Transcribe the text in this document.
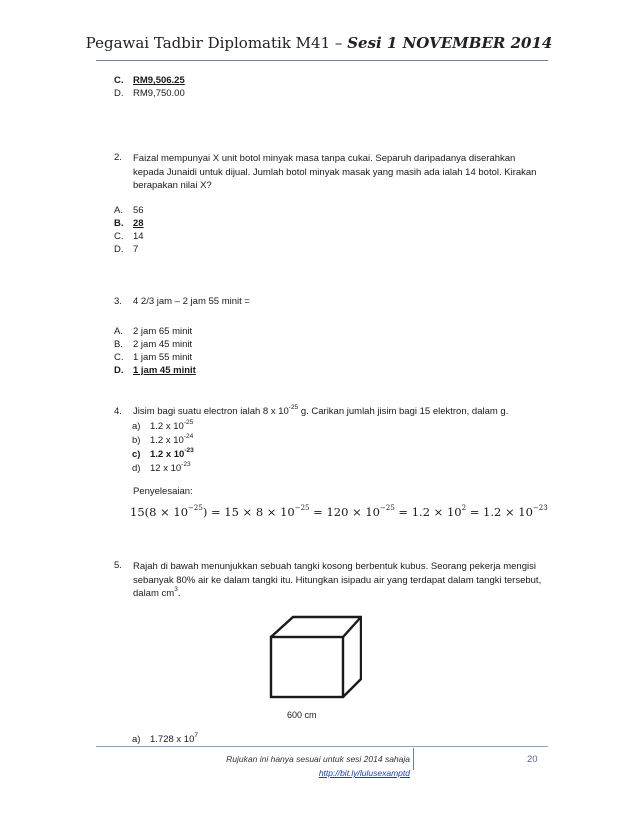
Pegawai Tadbir Diplomatik M41 – Sesi 1 NOVEMBER 2014
C.	RM9,506.25
D.	RM9,750.00
2.	Faizal mempunyai X unit botol minyak masa tanpa cukai. Separuh daripadanya diserahkan kepada Junaidi untuk dijual. Jumlah botol minyak masak yang masih ada ialah 14 botol. Kirakan berapakan nilai X?
A.	56
B.	28
C.	14
D.	7
3.	4 2/3 jam – 2 jam 55 minit =
A.	2 jam 65 minit
B.	2 jam 45 minit
C.	1 jam 55 minit
D.	1 jam 45 minit
4.	Jisim bagi suatu electron ialah 8 x $10^{-25}$ g. Carikan jumlah jisim bagi 15 elektron, dalam g.
a)	1.2 x $10^{-25}$
b)	1.2 x $10^{-24}$
c)	1.2 x $10^{-23}$
d)	12 x $10^{-23}$
Penyelesaian:
$15(8 \times 10^{-25}) = 15 \times 8 \times 10^{-25} = 120 \times 10^{-25} = 1.2 \times 10^2 = 1.2 \times 10^{-23}$
5.	Rajah di bawah menunjukkan sebuah tangki kosong berbentuk kubus. Seorang pekerja mengisi sebanyak 80% air ke dalam tangki itu. Hitungkan isipadu air yang terdapat dalam tangki tersebut, dalam $cm^3$.
600 cm
a)	1.728 x $10^7$
Rujukan ini hanya sesuai untuk sesi 2014 sahaja
http://bit.ly/lulusexamptd
20
